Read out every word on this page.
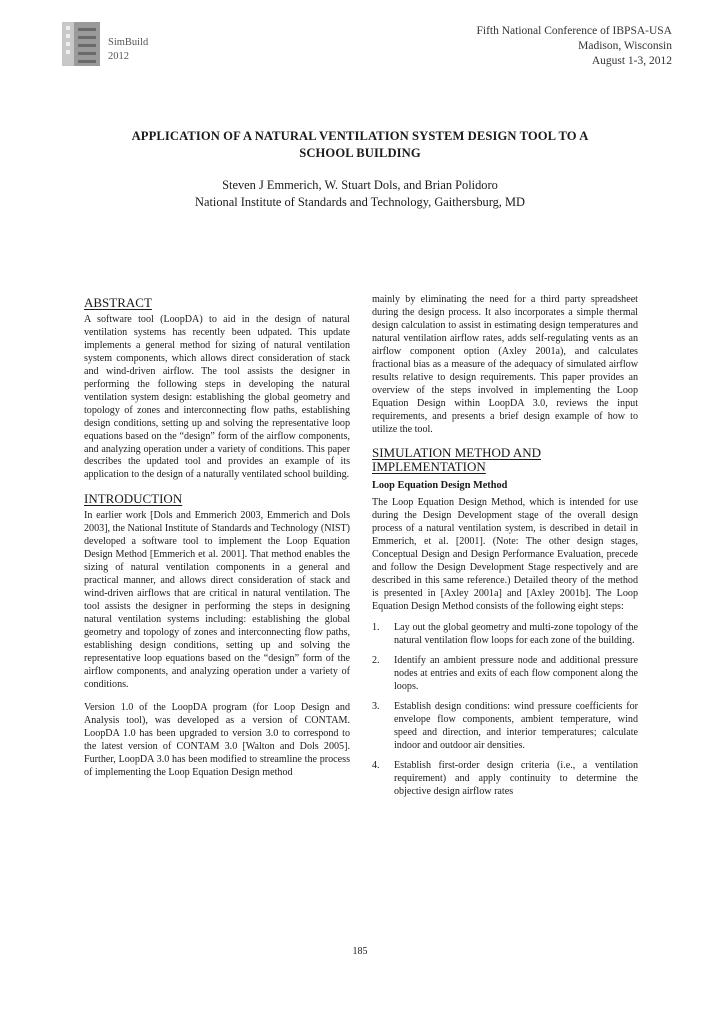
SimBuild
2012
Fifth National Conference of IBPSA-USA
Madison, Wisconsin
August 1-3, 2012
APPLICATION OF A NATURAL VENTILATION SYSTEM DESIGN TOOL TO A
SCHOOL BUILDING
Steven J Emmerich, W. Stuart Dols, and Brian Polidoro
National Institute of Standards and Technology, Gaithersburg, MD
ABSTRACT

A software tool (LoopDA) to aid in the design of natural ventilation systems has recently been udpated. This update implements a general method for sizing of natural ventilation system components, which allows direct consideration of stack and wind-driven airflow. The tool assists the designer in performing the following steps in developing the natural ventilation system design: establishing the global geometry and topology of zones and interconnecting flow paths, establishing design conditions, setting up and solving the representative loop equations based on the “design” form of the airflow components, and analyzing operation under a variety of conditions. This paper describes the updated tool and provides an example of its application to the design of a naturally ventilated school building.

INTRODUCTION

In earlier work [Dols and Emmerich 2003, Emmerich and Dols 2003], the National Institute of Standards and Technology (NIST) developed a software tool to implement the Loop Equation Design Method [Emmerich et al. 2001]. That method enables the sizing of natural ventilation components in a general and practical manner, and allows direct consideration of stack and wind-driven airflows that are critical in natural ventilation. The tool assists the designer in performing the steps in designing natural ventilation systems including: establishing the global geometry and topology of zones and interconnecting flow paths, establishing design conditions, setting up and solving the representative loop equations based on the “design” form of the airflow components, and analyzing operation under a variety of conditions.

Version 1.0 of the LoopDA program (for Loop Design and Analysis tool), was developed as a version of CONTAM. LoopDA 1.0 has been upgraded to version 3.0 to correspond to the latest version of CONTAM 3.0 [Walton and Dols 2005]. Further, LoopDA 3.0 has been modified to streamline the process of implementing the Loop Equation Design method

mainly by eliminating the need for a third party spreadsheet during the design process. It also incorporates a simple thermal design calculation to assist in estimating design temperatures and natural ventilation airflow rates, adds self-regulating vents as an airflow component option (Axley 2001a), and calculates fractional bias as a measure of the adequacy of simulated airflow results relative to design requirements. This paper provides an overview of the steps involved in implementing the Loop Equation Design within LoopDA 3.0, reviews the input requirements, and presents a brief design example of how to utilize the tool.

SIMULATION METHOD AND
IMPLEMENTATION
Loop Equation Design Method

The Loop Equation Design Method, which is intended for use during the Design Development stage of the overall design process of a natural ventilation system, is described in detail in Emmerich, et al. [2001]. (Note: The other design stages, Conceptual Design and Design Performance Evaluation, precede and follow the Design Development Stage respectively and are described in this same reference.) Detailed theory of the method is presented in [Axley 2001a] and [Axley 2001b]. The Loop Equation Design Method consists of the following eight steps:

1.	Lay out the global geometry and multi-zone topology of the natural ventilation flow loops for each zone of the building.
2.	Identify an ambient pressure node and additional pressure nodes at entries and exits of each flow component along the loops.
3.	Establish design conditions: wind pressure coefficients for envelope flow components, ambient temperature, wind speed and direction, and interior temperatures; calculate indoor and outdoor air densities.
4.	Establish first-order design criteria (i.e., a ventilation requirement) and apply continuity to determine the objective design airflow rates
185
